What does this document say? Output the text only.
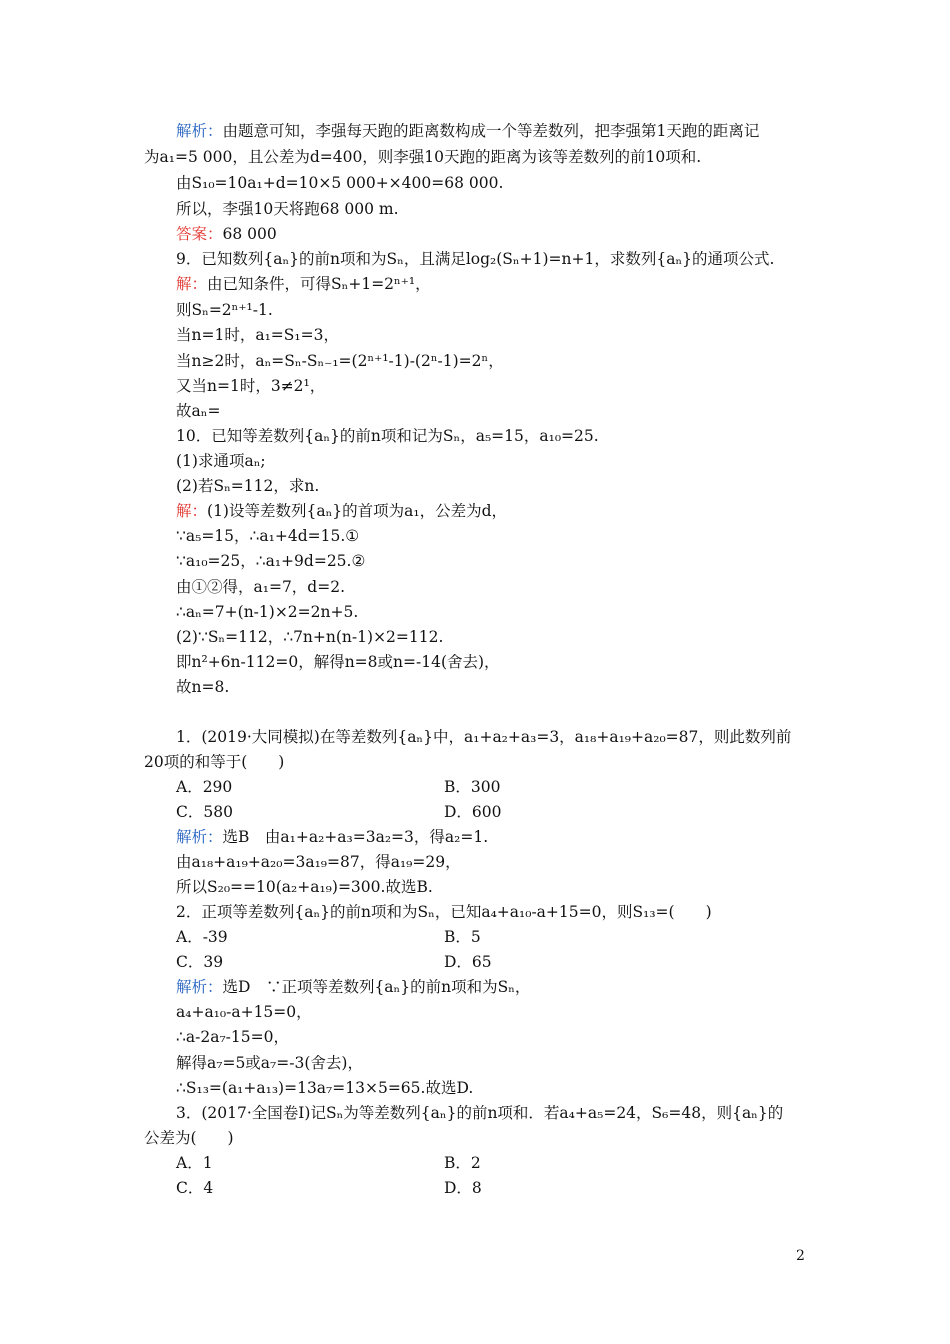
解析：由题意可知，李强每天跑的距离数构成一个等差数列，把李强第1天跑的距离记
为a₁=5 000，且公差为d=400，则李强10天跑的距离为该等差数列的前10项和.
由S₁₀=10a₁+d=10×5 000+×400=68 000.
所以，李强10天将跑68 000 m.
答案：68 000
9．已知数列{aₙ}的前n项和为Sₙ，且满足log₂(Sₙ+1)=n+1，求数列{aₙ}的通项公式.
解：由已知条件，可得Sₙ+1=2ⁿ⁺¹，
则Sₙ=2ⁿ⁺¹-1.
当n=1时，a₁=S₁=3，
当n≥2时，aₙ=Sₙ-Sₙ₋₁=(2ⁿ⁺¹-1)-(2ⁿ-1)=2ⁿ，
又当n=1时，3≠2¹，
故aₙ=
10．已知等差数列{aₙ}的前n项和记为Sₙ，a₅=15，a₁₀=25.
(1)求通项aₙ;
(2)若Sₙ=112，求n.
解：(1)设等差数列{aₙ}的首项为a₁，公差为d，
∵a₅=15，∴a₁+4d=15.①
∵a₁₀=25，∴a₁+9d=25.②
由①②得，a₁=7，d=2.
∴aₙ=7+(n-1)×2=2n+5.
(2)∵Sₙ=112，∴7n+n(n-1)×2=112.
即n²+6n-112=0，解得n=8或n=-14(舍去)，
故n=8.
1．(2019·大同模拟)在等差数列{aₙ}中，a₁+a₂+a₃=3，a₁₈+a₁₉+a₂₀=87，则此数列前
20项的和等于(　　)
A．290	B．300
C．580	D．600
解析：选B　由a₁+a₂+a₃=3a₂=3，得a₂=1.
由a₁₈+a₁₉+a₂₀=3a₁₉=87，得a₁₉=29，
所以S₂₀==10(a₂+a₁₉)=300.故选B.
2．正项等差数列{aₙ}的前n项和为Sₙ，已知a₄+a₁₀-a+15=0，则S₁₃=(　　)
A．-39	B．5
C．39	D．65
解析：选D　∵正项等差数列{aₙ}的前n项和为Sₙ，
a₄+a₁₀-a+15=0，
∴a-2a₇-15=0，
解得a₇=5或a₇=-3(舍去)，
∴S₁₃=(a₁+a₁₃)=13a₇=13×5=65.故选D.
3．(2017·全国卷Ⅰ)记Sₙ为等差数列{aₙ}的前n项和．若a₄+a₅=24，S₆=48，则{aₙ}的
公差为(　　)
A．1	B．2
C．4	D．8
2
